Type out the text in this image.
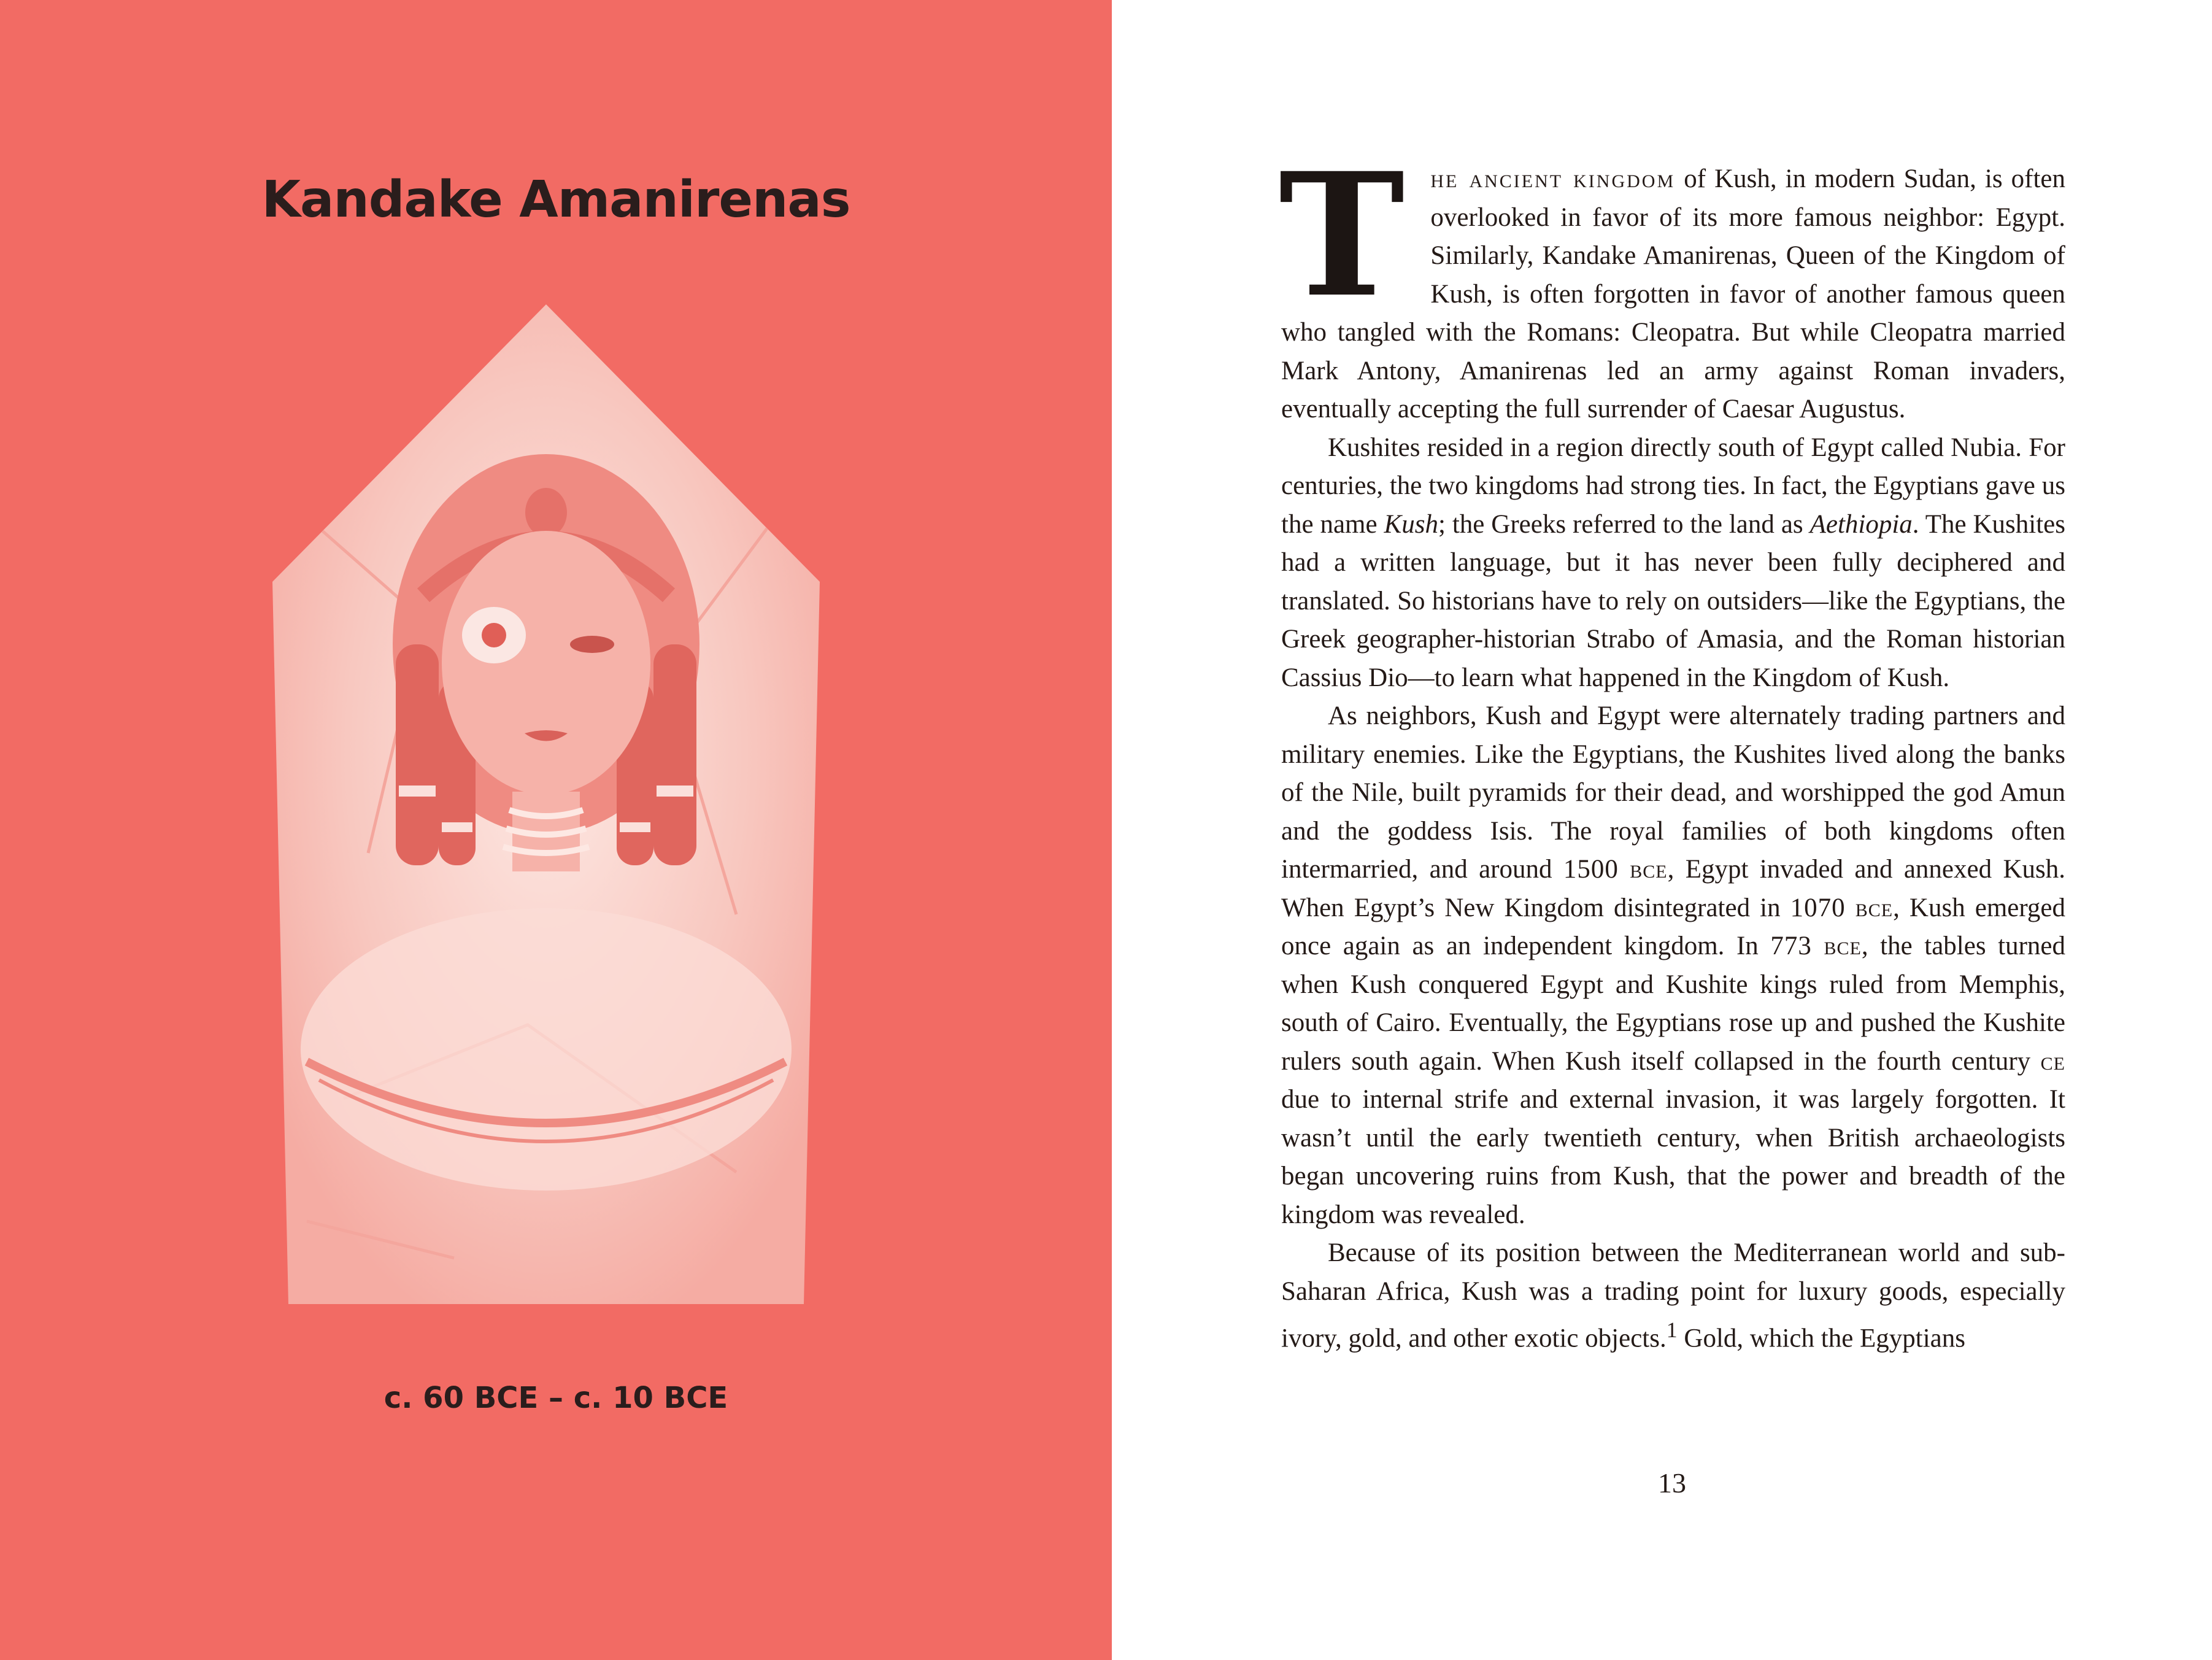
Kandake Amanirenas
c. 60 BCE – c. 10 BCE

The ancient kingdom of Kush, in modern Sudan, is often overlooked in favor of its more famous neighbor: Egypt. Similarly, Kandake Amanirenas, Queen of the Kingdom of Kush, is often forgotten in favor of another famous queen who tangled with the Romans: Cleopatra. But while Cleopatra married Mark Antony, Amanirenas led an army against Roman invaders, eventually accepting the full surrender of Caesar Augustus.

Kushites resided in a region directly south of Egypt called Nubia. For centuries, the two kingdoms had strong ties. In fact, the Egyptians gave us the name Kush; the Greeks referred to the land as Aethiopia. The Kushites had a written language, but it has never been fully deciphered and translated. So historians have to rely on outsiders—like the Egyptians, the Greek geographer-historian Strabo of Amasia, and the Roman historian Cassius Dio—to learn what happened in the Kingdom of Kush.

As neighbors, Kush and Egypt were alternately trading partners and military enemies. Like the Egyptians, the Kushites lived along the banks of the Nile, built pyramids for their dead, and worshipped the god Amun and the goddess Isis. The royal families of both kingdoms often intermarried, and around 1500 bce, Egypt invaded and annexed Kush. When Egypt’s New Kingdom disintegrated in 1070 bce, Kush emerged once again as an independent kingdom. In 773 bce, the tables turned when Kush conquered Egypt and Kushite kings ruled from Memphis, south of Cairo. Eventually, the Egyptians rose up and pushed the Kushite rulers south again. When Kush itself collapsed in the fourth century ce due to internal strife and external invasion, it was largely forgotten. It wasn’t until the early twentieth century, when British archaeologists began uncovering ruins from Kush, that the power and breadth of the kingdom was revealed.

Because of its position between the Mediterranean world and sub-Saharan Africa, Kush was a trading point for luxury goods, especially ivory, gold, and other exotic objects.$^1$ Gold, which the Egyptians

13
